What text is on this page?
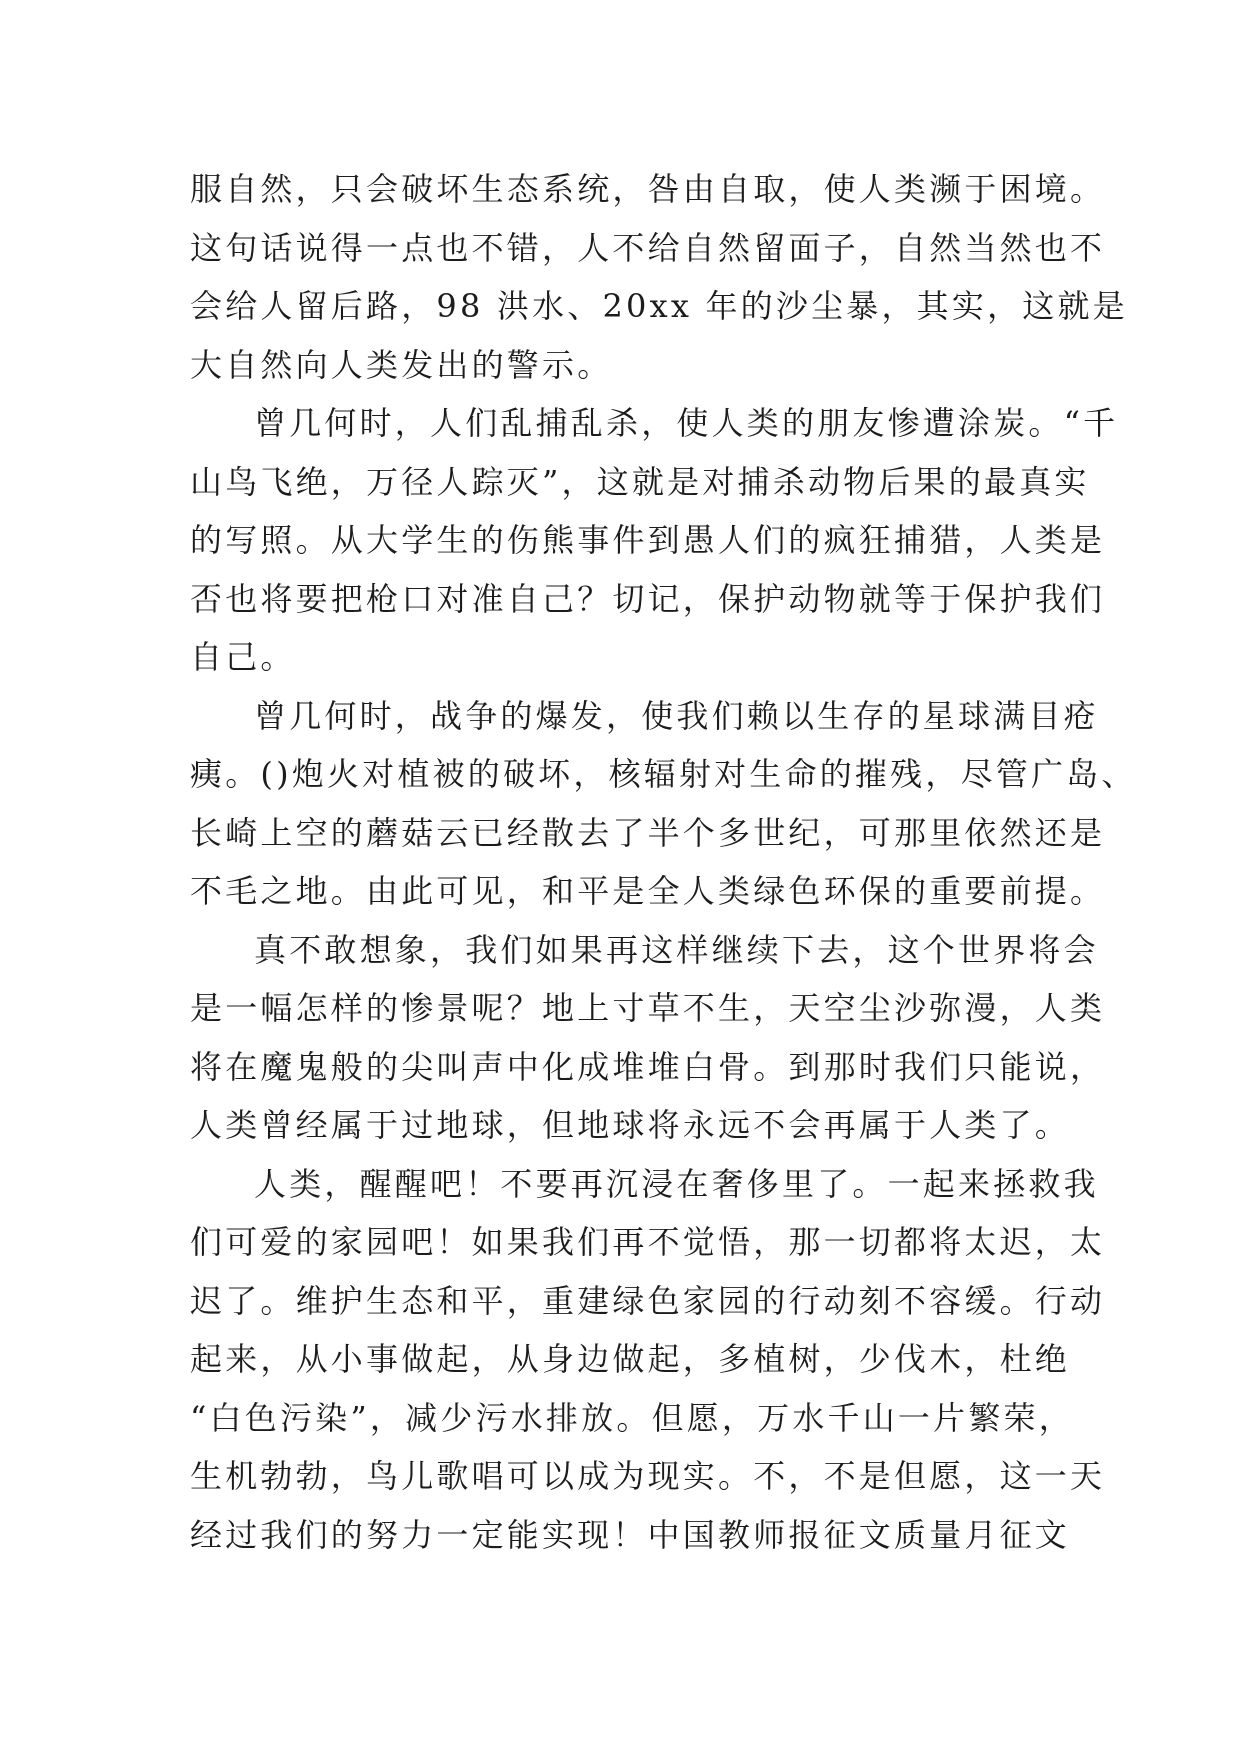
服自然，只会破坏生态系统，咎由自取，使人类濒于困境。
这句话说得一点也不错，人不给自然留面子，自然当然也不
会给人留后路，98 洪水、20xx 年的沙尘暴，其实，这就是
大自然向人类发出的警示。
曾几何时，人们乱捕乱杀，使人类的朋友惨遭涂炭。“千
山鸟飞绝，万径人踪灭”，这就是对捕杀动物后果的最真实
的写照。从大学生的伤熊事件到愚人们的疯狂捕猎，人类是
否也将要把枪口对准自己？切记，保护动物就等于保护我们
自己。
曾几何时，战争的爆发，使我们赖以生存的星球满目疮
痍。()炮火对植被的破坏，核辐射对生命的摧残，尽管广岛、
长崎上空的蘑菇云已经散去了半个多世纪，可那里依然还是
不毛之地。由此可见，和平是全人类绿色环保的重要前提。
真不敢想象，我们如果再这样继续下去，这个世界将会
是一幅怎样的惨景呢？地上寸草不生，天空尘沙弥漫，人类
将在魔鬼般的尖叫声中化成堆堆白骨。到那时我们只能说，
人类曾经属于过地球，但地球将永远不会再属于人类了。
人类，醒醒吧！不要再沉浸在奢侈里了。一起来拯救我
们可爱的家园吧！如果我们再不觉悟，那一切都将太迟，太
迟了。维护生态和平，重建绿色家园的行动刻不容缓。行动
起来，从小事做起，从身边做起，多植树，少伐木，杜绝
“白色污染”，减少污水排放。但愿，万水千山一片繁荣，
生机勃勃，鸟儿歌唱可以成为现实。不，不是但愿，这一天
经过我们的努力一定能实现！中国教师报征文质量月征文
